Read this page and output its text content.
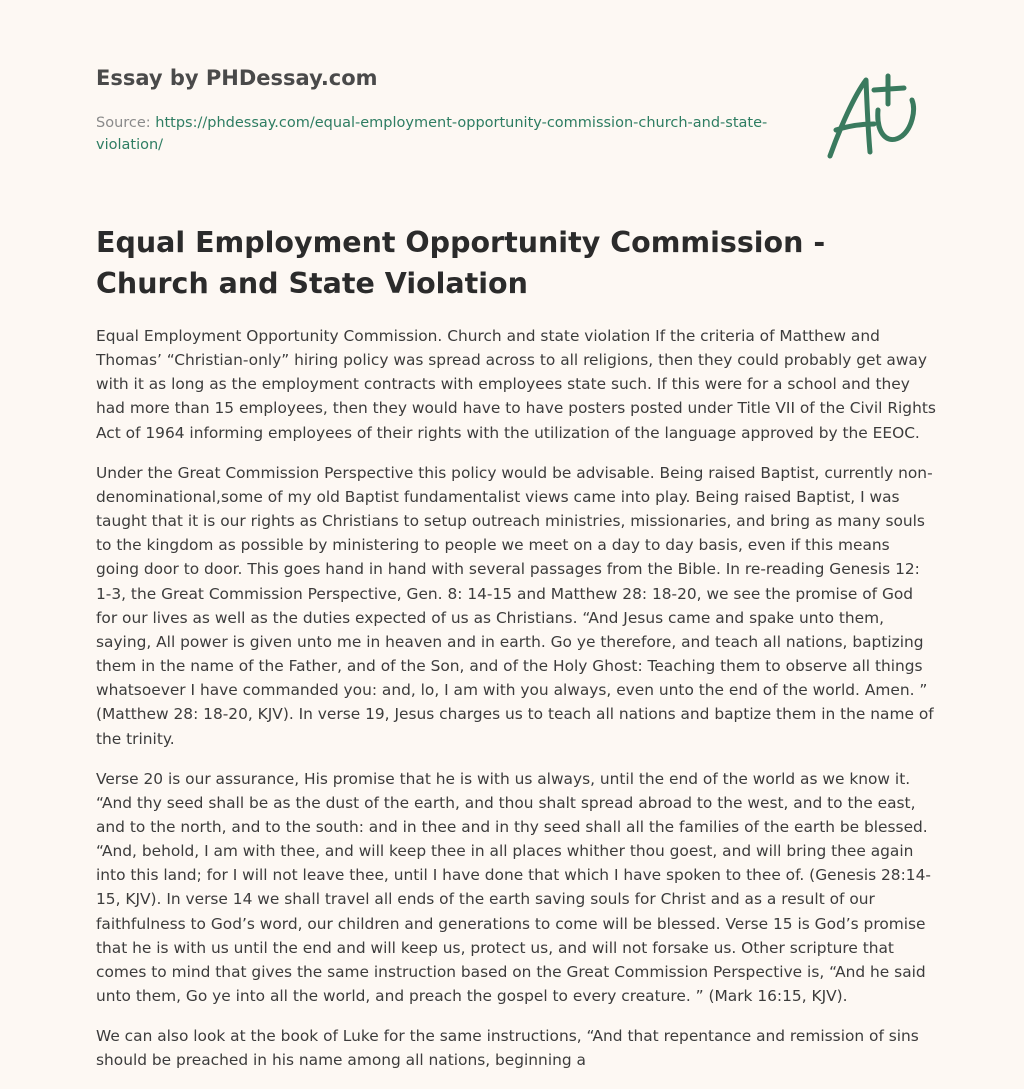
Essay by PHDessay.com
Source: https://phdessay.com/equal-employment-opportunity-commission-church-and-state-violation/
Equal Employment Opportunity Commission - Church and State Violation

Equal Employment Opportunity Commission. Church and state violation If the criteria of Matthew and Thomas’ “Christian-only” hiring policy was spread across to all religions, then they could probably get away with it as long as the employment contracts with employees state such. If this were for a school and they had more than 15 employees, then they would have to have posters posted under Title VII of the Civil Rights Act of 1964 informing employees of their rights with the utilization of the language approved by the EEOC.

Under the Great Commission Perspective this policy would be advisable. Being raised Baptist, currently non-denominational,some of my old Baptist fundamentalist views came into play. Being raised Baptist, I was taught that it is our rights as Christians to setup outreach ministries, missionaries, and bring as many souls to the kingdom as possible by ministering to people we meet on a day to day basis, even if this means going door to door. This goes hand in hand with several passages from the Bible. In re-reading Genesis 12: 1-3, the Great Commission Perspective, Gen. 8: 14-15 and Matthew 28: 18-20, we see the promise of God for our lives as well as the duties expected of us as Christians. “And Jesus came and spake unto them, saying, All power is given unto me in heaven and in earth. Go ye therefore, and teach all nations, baptizing them in the name of the Father, and of the Son, and of the Holy Ghost: Teaching them to observe all things whatsoever I have commanded you: and, lo, I am with you always, even unto the end of the world. Amen. ” (Matthew 28: 18-20, KJV). In verse 19, Jesus charges us to teach all nations and baptize them in the name of the trinity.

Verse 20 is our assurance, His promise that he is with us always, until the end of the world as we know it. “And thy seed shall be as the dust of the earth, and thou shalt spread abroad to the west, and to the east, and to the north, and to the south: and in thee and in thy seed shall all the families of the earth be blessed. “And, behold, I am with thee, and will keep thee in all places whither thou goest, and will bring thee again into this land; for I will not leave thee, until I have done that which I have spoken to thee of. (Genesis 28:14-15, KJV). In verse 14 we shall travel all ends of the earth saving souls for Christ and as a result of our faithfulness to God’s word, our children and generations to come will be blessed. Verse 15 is God’s promise that he is with us until the end and will keep us, protect us, and will not forsake us. Other scripture that comes to mind that gives the same instruction based on the Great Commission Perspective is, “And he said unto them, Go ye into all the world, and preach the gospel to every creature. ” (Mark 16:15, KJV).

We can also look at the book of Luke for the same instructions, “And that repentance and remission of sins should be preached in his name among all nations, beginning a
